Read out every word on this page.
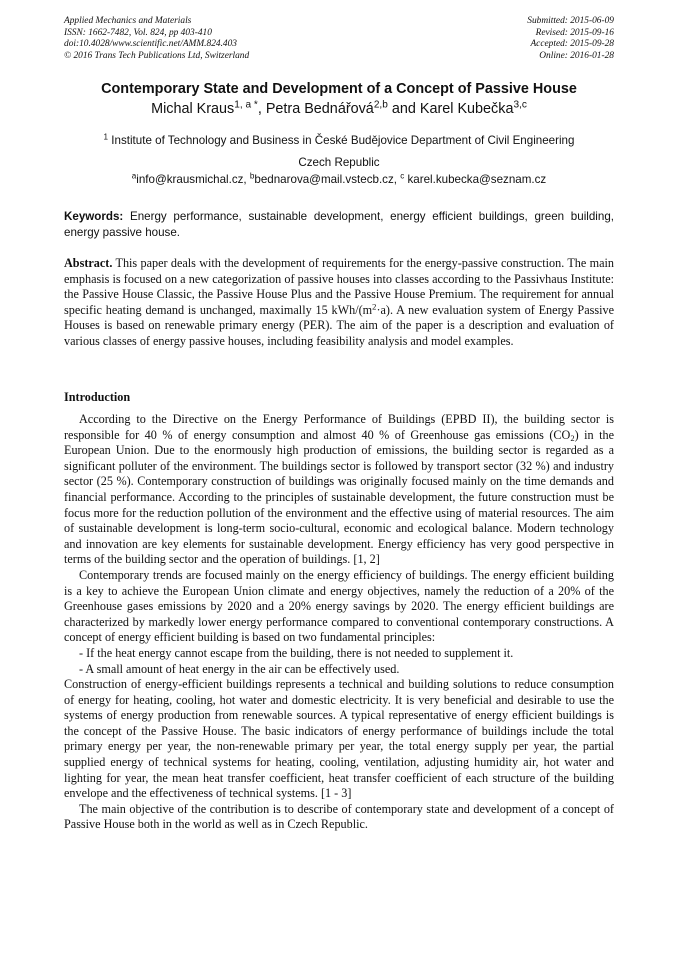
Applied Mechanics and Materials
ISSN: 1662-7482, Vol. 824, pp 403-410
doi:10.4028/www.scientific.net/AMM.824.403
© 2016 Trans Tech Publications Ltd, Switzerland
Submitted: 2015-06-09
Revised: 2015-09-16
Accepted: 2015-09-28
Online: 2016-01-28
Contemporary State and Development of a Concept of Passive House
Michal Kraus$^{1, a *}$, Petra Bednářová$^{2,b}$ and Karel Kubečka$^{3,c}$
$^1$ Institute of Technology and Business in České Budějovice Department of Civil Engineering
Czech Republic
$^a$info@krausmichal.cz, $^b$bednarova@mail.vstecb.cz, $^c$ karel.kubecka@seznam.cz
Keywords: Energy performance, sustainable development, energy efficient buildings, green building, energy passive house.
Abstract. This paper deals with the development of requirements for the energy-passive construction. The main emphasis is focused on a new categorization of passive houses into classes according to the Passivhaus Institute: the Passive House Classic, the Passive House Plus and the Passive House Premium. The requirement for annual specific heating demand is unchanged, maximally 15 kWh/$(m^2\cdot a)$. A new evaluation system of Energy Passive Houses is based on renewable primary energy (PER). The aim of the paper is a description and evaluation of various classes of energy passive houses, including feasibility analysis and model examples.
Introduction

According to the Directive on the Energy Performance of Buildings (EPBD II), the building sector is responsible for 40 % of energy consumption and almost 40 % of Greenhouse gas emissions $(CO_2)$ in the European Union. Due to the enormously high production of emissions, the building sector is regarded as a significant polluter of the environment. The buildings sector is followed by transport sector (32 %) and industry sector (25 %). Contemporary construction of buildings was originally focused mainly on the time demands and financial performance. According to the principles of sustainable development, the future construction must be focus more for the reduction pollution of the environment and the effective using of material resources. The aim of sustainable development is long-term socio-cultural, economic and ecological balance. Modern technology and innovation are key elements for sustainable development. Energy efficiency has very good perspective in terms of the building sector and the operation of buildings. [1, 2]

Contemporary trends are focused mainly on the energy efficiency of buildings. The energy efficient building is a key to achieve the European Union climate and energy objectives, namely the reduction of a 20% of the Greenhouse gases emissions by 2020 and a 20% energy savings by 2020. The energy efficient buildings are characterized by markedly lower energy performance compared to conventional contemporary constructions. A concept of energy efficient building is based on two fundamental principles:

- If the heat energy cannot escape from the building, there is not needed to supplement it.

- A small amount of heat energy in the air can be effectively used.

Construction of energy-efficient buildings represents a technical and building solutions to reduce consumption of energy for heating, cooling, hot water and domestic electricity. It is very beneficial and desirable to use the systems of energy production from renewable sources. A typical representative of energy efficient buildings is the concept of the Passive House. The basic indicators of energy performance of buildings include the total primary energy per year, the non-renewable primary per year, the total energy supply per year, the partial supplied energy of technical systems for heating, cooling, ventilation, adjusting humidity air, hot water and lighting for year, the mean heat transfer coefficient, heat transfer coefficient of each structure of the building envelope and the effectiveness of technical systems. [1 - 3]

The main objective of the contribution is to describe of contemporary state and development of a concept of Passive House both in the world as well as in Czech Republic.
